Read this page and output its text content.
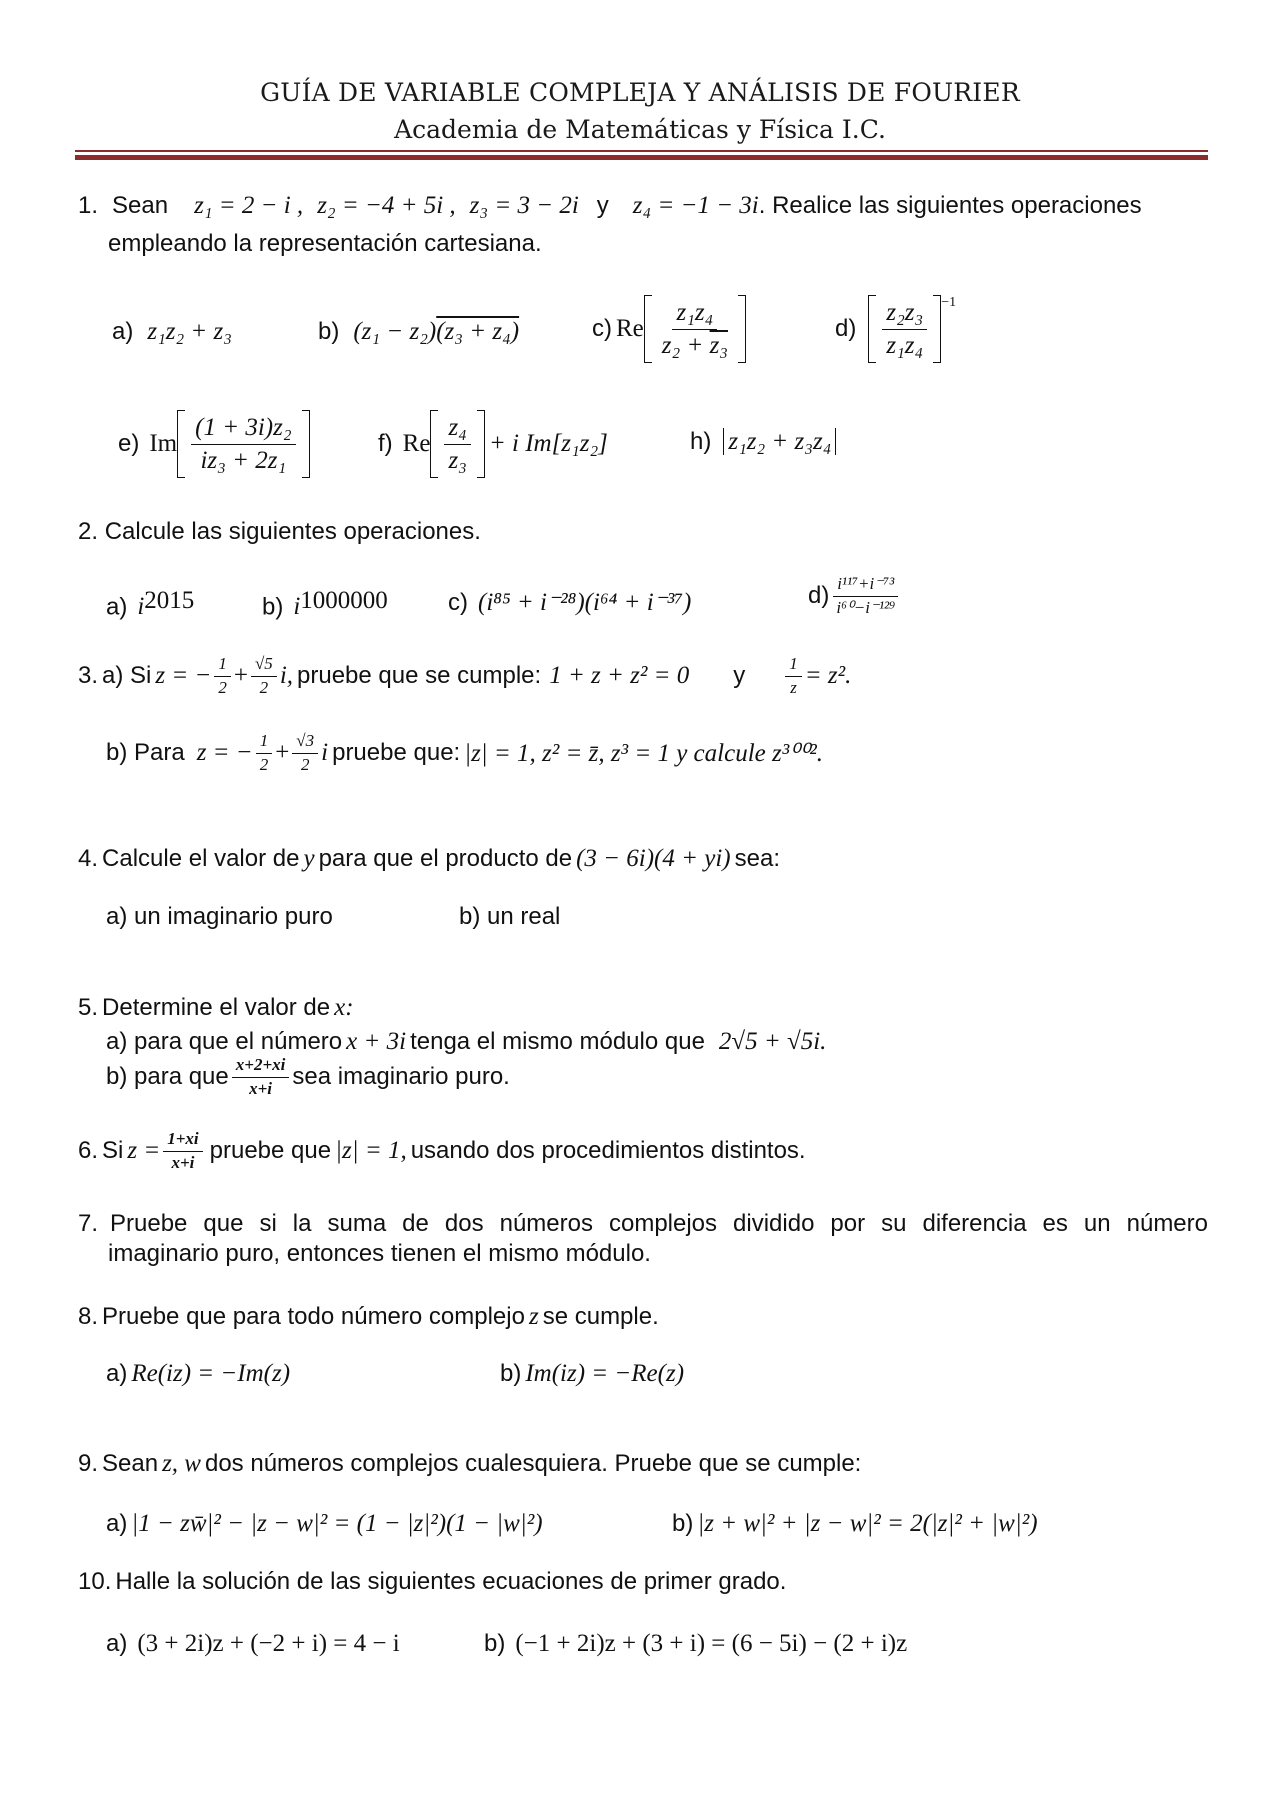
GUÍA DE VARIABLE COMPLEJA Y ANÁLISIS DE FOURIER
Academia de Matemáticas y Física I.C.
1. Sean z₁ = 2 − i , z₂ = −4 + 5i , z₃ = 3 − 2i y z₄ = −1 − 3i. Realice las siguientes operaciones
empleando la representación cartesiana.
a) z₁z₂ + z₃	b) (z₁ − z₂)(z₃ + z₄)	c) Re $\frac{\text{z₁z₄}}{\text{z₂ + z₃}}$	$d) \frac{\text{z₂z₃}}{\text{z₁z₄}} ^{-1}$
e) Im $\frac{\text{(1 + 3i)z₂}}{\text{iz₃ + 2z₁}}$	f) Re $\frac{\text{z₄}}{\text{z₃}} + i$ Im[z₁z₂]	h) z₁z₂ + z₃z₄
2. Calcule las siguientes operaciones.
a) $i^{2015}$	b) $i^{1000000}$	c) (i⁸⁵ + i⁻²⁸)(i⁶⁴ + i⁻³⁷)	$d) \frac{\text{i¹¹⁷+i⁻⁷³}}{\text{i⁶⁰−i⁻¹²⁹}}$
3. a) Si z = − $\frac{1}{2} + \frac{√5}{2} i$, pruebe que se cumple: 1 + z + z² = 0 y $\frac{1}{z} = z^2$.
b) Para z = − $\frac{1}{2} + \frac{√3}{2}$ i pruebe que: |z| = 1, z² = z̄, z³ = 1 y calcule z³⁰⁰².
4. Calcule el valor de y para que el producto de (3 − 6i)(4 + yi) sea:
a) un imaginario puro	b) un real
5. Determine el valor de x:
a) para que el número x + 3i tenga el mismo módulo que 2√5 + √5i.
b) para que $\frac{x+2+xi}{x+i}$ sea imaginario puro.
6. Si $z = \frac{1+xi}{x+i}$ pruebe que |z| = 1, usando dos procedimientos distintos.
7. Pruebe que si la suma de dos números complejos dividido por su diferencia es un número
imaginario puro, entonces tienen el mismo módulo.
8. Pruebe que para todo número complejo z se cumple.
a) Re(iz) = −Im(z)	b) Im(iz) = −Re(z)
9. Sean z, w dos números complejos cualesquiera. Pruebe que se cumple:
a) |1 − zw̄|² − |z − w|² = (1 − |z|²)(1 − |w|²)	b) |z + w|² + |z − w|² = 2(|z|² + |w|²)
10. Halle la solución de las siguientes ecuaciones de primer grado.
a) (3 + 2i)z + (−2 + i) = 4 − i	b) (−1 + 2i)z + (3 + i) = (6 − 5i) − (2 + i)z
